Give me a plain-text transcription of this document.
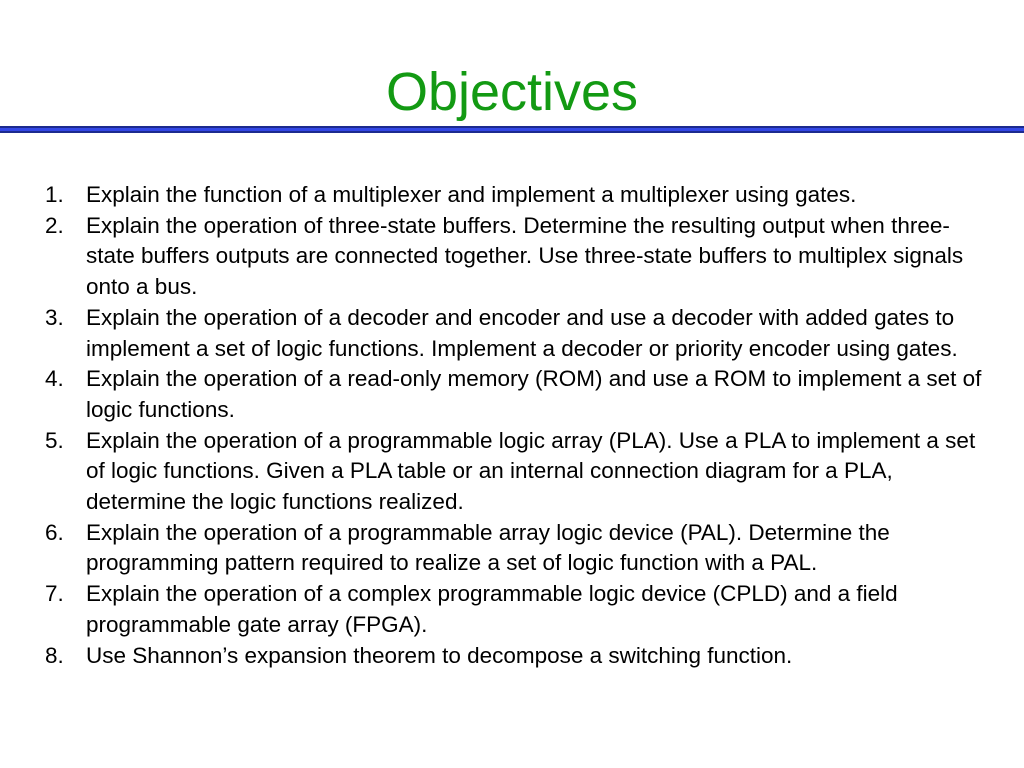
Objectives
1. Explain the function of a multiplexer and implement a multiplexer using gates.
2. Explain the operation of three-state buffers. Determine the resulting output when three-state buffers outputs are connected together. Use three-state buffers to multiplex signals onto a bus.
3. Explain the operation of a decoder and encoder and use a decoder with added gates to implement a set of logic functions. Implement a decoder or priority encoder using gates.
4. Explain the operation of a read-only memory (ROM) and use a ROM to implement a set of logic functions.
5. Explain the operation of a programmable logic array (PLA). Use a PLA to implement a set of logic functions. Given a PLA table or an internal connection diagram for a PLA, determine the logic functions realized.
6. Explain the operation of a programmable array logic device (PAL). Determine the programming pattern required to realize a set of logic function with a PAL.
7. Explain the operation of a complex programmable logic device (CPLD) and a field programmable gate array (FPGA).
8. Use Shannon’s expansion theorem to decompose a switching function.
